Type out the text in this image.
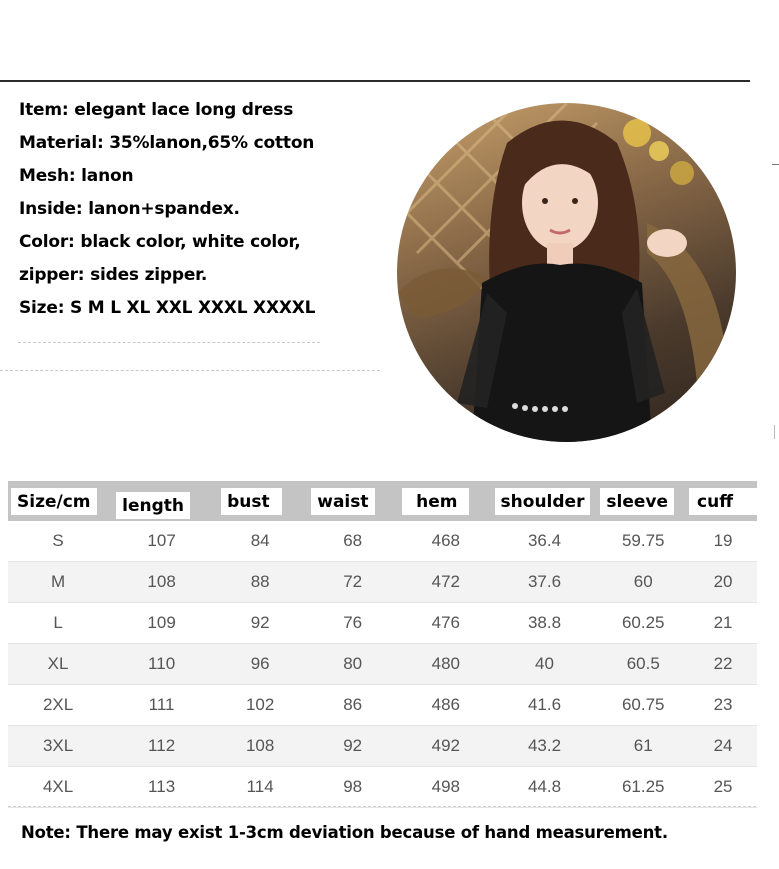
Item: elegant lace long dress
Material: 35%lanon,65% cotton
Mesh: lanon
Inside: lanon+spandex.
Color: black color, white color,
zipper: sides zipper.
Size: S M L XL XXL XXXL XXXXL
Size/cm	length	bust	waist	hem	shoulder	sleeve	cuff
S	107	84	68	468	36.4	59.75	19
M	108	88	72	472	37.6	60	20
L	109	92	76	476	38.8	60.25	21
XL	110	96	80	480	40	60.5	22
2XL	111	102	86	486	41.6	60.75	23
3XL	112	108	92	492	43.2	61	24
4XL	113	114	98	498	44.8	61.25	25
Note: There may exist 1-3cm deviation because of hand measurement.
